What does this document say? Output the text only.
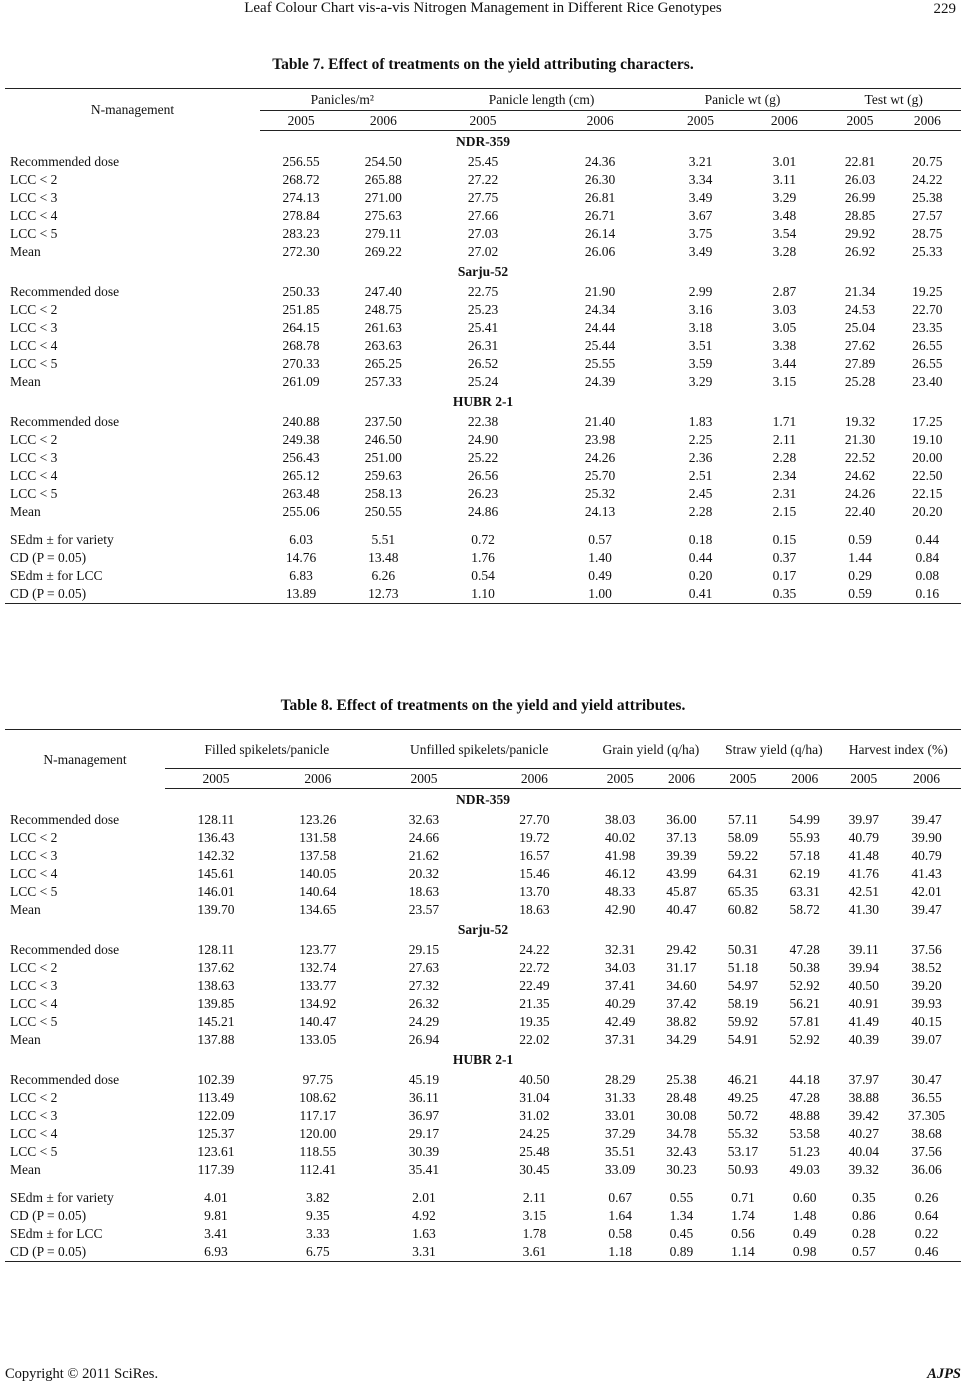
Leaf Colour Chart vis-a-vis Nitrogen Management in Different Rice Genotypes	229
Table 7. Effect of treatments on the yield attributing characters.
N-management	Panicles/m²		Panicle length (cm)		Panicle wt (g)		Test wt (g)	
	2005	2006	2005	2006	2005	2006	2005	2006
NDR-359								
Recommended dose	256.55	254.50	25.45	24.36	3.21	3.01	22.81	20.75
LCC < 2	268.72	265.88	27.22	26.30	3.34	3.11	26.03	24.22
LCC < 3	274.13	271.00	27.75	26.81	3.49	3.29	26.99	25.38
LCC < 4	278.84	275.63	27.66	26.71	3.67	3.48	28.85	27.57
LCC < 5	283.23	279.11	27.03	26.14	3.75	3.54	29.92	28.75
Mean	272.30	269.22	27.02	26.06	3.49	3.28	26.92	25.33
Sarju-52								
Recommended dose	250.33	247.40	22.75	21.90	2.99	2.87	21.34	19.25
LCC < 2	251.85	248.75	25.23	24.34	3.16	3.03	24.53	22.70
LCC < 3	264.15	261.63	25.41	24.44	3.18	3.05	25.04	23.35
LCC < 4	268.78	263.63	26.31	25.44	3.51	3.38	27.62	26.55
LCC < 5	270.33	265.25	26.52	25.55	3.59	3.44	27.89	26.55
Mean	261.09	257.33	25.24	24.39	3.29	3.15	25.28	23.40
HUBR 2-1								
Recommended dose	240.88	237.50	22.38	21.40	1.83	1.71	19.32	17.25
LCC < 2	249.38	246.50	24.90	23.98	2.25	2.11	21.30	19.10
LCC < 3	256.43	251.00	25.22	24.26	2.36	2.28	22.52	20.00
LCC < 4	265.12	259.63	26.56	25.70	2.51	2.34	24.62	22.50
LCC < 5	263.48	258.13	26.23	25.32	2.45	2.31	24.26	22.15
Mean	255.06	250.55	24.86	24.13	2.28	2.15	22.40	20.20

SEdm ± for variety	6.03	5.51	0.72	0.57	0.18	0.15	0.59	0.44
CD (P = 0.05)	14.76	13.48	1.76	1.40	0.44	0.37	1.44	0.84
SEdm ± for LCC	6.83	6.26	0.54	0.49	0.20	0.17	0.29	0.08
CD (P = 0.05)	13.89	12.73	1.10	1.00	0.41	0.35	0.59	0.16
Table 8. Effect of treatments on the yield and yield attributes.
N-management	Filled spikelets/panicle		Unfilled spikelets/panicle		Grain yield (q/ha)		Straw yield (q/ha)		Harvest index (%)	
	2005	2006	2005	2006	2005	2006	2005	2006	2005	2006
NDR-359										
Recommended dose	128.11	123.26	32.63	27.70	38.03	36.00	57.11	54.99	39.97	39.47
LCC < 2	136.43	131.58	24.66	19.72	40.02	37.13	58.09	55.93	40.79	39.90
LCC < 3	142.32	137.58	21.62	16.57	41.98	39.39	59.22	57.18	41.48	40.79
LCC < 4	145.61	140.05	20.32	15.46	46.12	43.99	64.31	62.19	41.76	41.43
LCC < 5	146.01	140.64	18.63	13.70	48.33	45.87	65.35	63.31	42.51	42.01
Mean	139.70	134.65	23.57	18.63	42.90	40.47	60.82	58.72	41.30	39.47
Sarju-52										
Recommended dose	128.11	123.77	29.15	24.22	32.31	29.42	50.31	47.28	39.11	37.56
LCC < 2	137.62	132.74	27.63	22.72	34.03	31.17	51.18	50.38	39.94	38.52
LCC < 3	138.63	133.77	27.32	22.49	37.41	34.60	54.97	52.92	40.50	39.20
LCC < 4	139.85	134.92	26.32	21.35	40.29	37.42	58.19	56.21	40.91	39.93
LCC < 5	145.21	140.47	24.29	19.35	42.49	38.82	59.92	57.81	41.49	40.15
Mean	137.88	133.05	26.94	22.02	37.31	34.29	54.91	52.92	40.39	39.07
HUBR 2-1										
Recommended dose	102.39	97.75	45.19	40.50	28.29	25.38	46.21	44.18	37.97	30.47
LCC < 2	113.49	108.62	36.11	31.04	31.33	28.48	49.25	47.28	38.88	36.55
LCC < 3	122.09	117.17	36.97	31.02	33.01	30.08	50.72	48.88	39.42	37.305
LCC < 4	125.37	120.00	29.17	24.25	37.29	34.78	55.32	53.58	40.27	38.68
LCC < 5	123.61	118.55	30.39	25.48	35.51	32.43	53.17	51.23	40.04	37.56
Mean	117.39	112.41	35.41	30.45	33.09	30.23	50.93	49.03	39.32	36.06

SEdm ± for variety	4.01	3.82	2.01	2.11	0.67	0.55	0.71	0.60	0.35	0.26
CD (P = 0.05)	9.81	9.35	4.92	3.15	1.64	1.34	1.74	1.48	0.86	0.64
SEdm ± for LCC	3.41	3.33	1.63	1.78	0.58	0.45	0.56	0.49	0.28	0.22
CD (P = 0.05)	6.93	6.75	3.31	3.61	1.18	0.89	1.14	0.98	0.57	0.46
Copyright © 2011 SciRes.	AJPS
